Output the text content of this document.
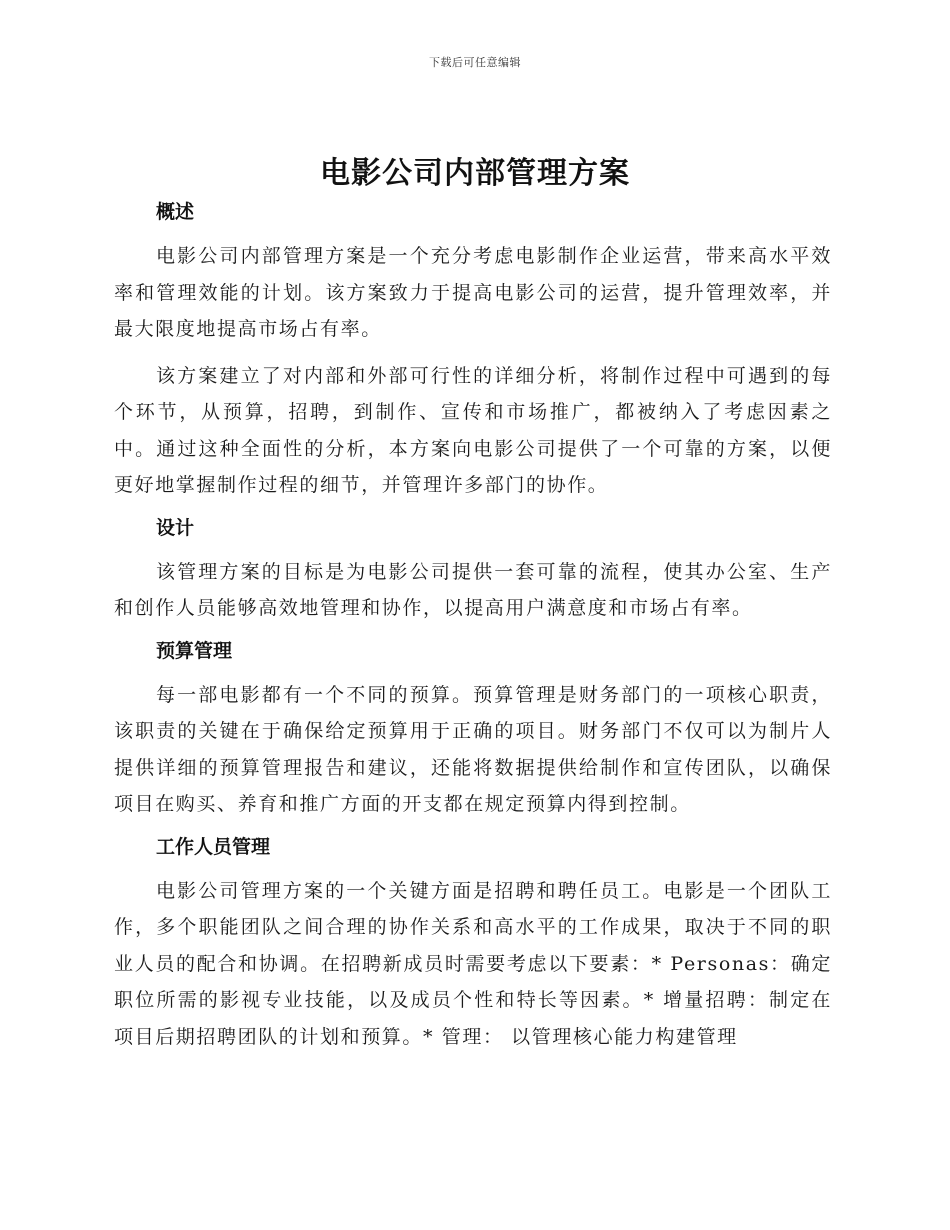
下载后可任意编辑
电影公司内部管理方案
概述

电影公司内部管理方案是一个充分考虑电影制作企业运营，带来高水平效率和管理效能的计划。该方案致力于提高电影公司的运营，提升管理效率，并最大限度地提高市场占有率。

该方案建立了对内部和外部可行性的详细分析，将制作过程中可遇到的每个环节，从预算，招聘，到制作、宣传和市场推广，都被纳入了考虑因素之中。通过这种全面性的分析，本方案向电影公司提供了一个可靠的方案，以便更好地掌握制作过程的细节，并管理许多部门的协作。

设计

该管理方案的目标是为电影公司提供一套可靠的流程，使其办公室、生产和创作人员能够高效地管理和协作，以提高用户满意度和市场占有率。

预算管理

每一部电影都有一个不同的预算。预算管理是财务部门的一项核心职责，该职责的关键在于确保给定预算用于正确的项目。财务部门不仅可以为制片人提供详细的预算管理报告和建议，还能将数据提供给制作和宣传团队，以确保项目在购买、养育和推广方面的开支都在规定预算内得到控制。

工作人员管理

电影公司管理方案的一个关键方面是招聘和聘任员工。电影是一个团队工作，多个职能团队之间合理的协作关系和高水平的工作成果，取决于不同的职业人员的配合和协调。在招聘新成员时需要考虑以下要素：* Personas：确定职位所需的影视专业技能，以及成员个性和特长等因素。* 增量招聘：制定在项目后期招聘团队的计划和预算。* 管理： 以管理核心能力构建管理
